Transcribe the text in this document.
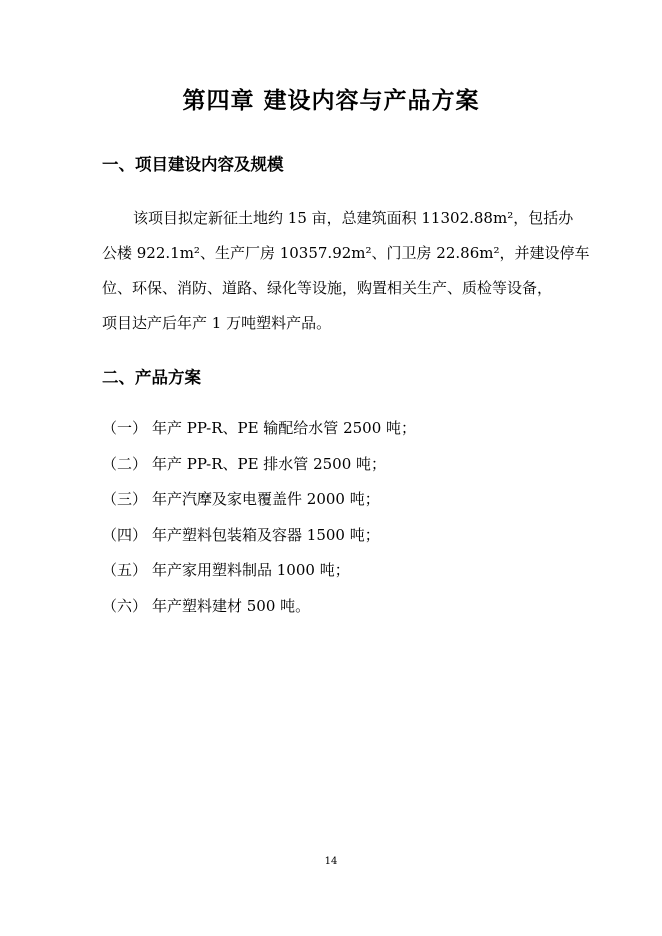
第四章 建设内容与产品方案
一、项目建设内容及规模

该项目拟定新征土地约 15 亩，总建筑面积 11302.88m²，包括办

公楼 922.1m²、生产厂房 10357.92m²、门卫房 22.86m²，并建设停车

位、环保、消防、道路、绿化等设施，购置相关生产、质检等设备，

项目达产后年产 1 万吨塑料产品。

二、产品方案
（一） 年产 PP-R、PE 输配给水管 2500 吨；
（二） 年产 PP-R、PE 排水管 2500 吨；
（三） 年产汽摩及家电覆盖件 2000 吨；
（四） 年产塑料包装箱及容器 1500 吨；
（五） 年产家用塑料制品 1000 吨；
（六） 年产塑料建材 500 吨。
14
